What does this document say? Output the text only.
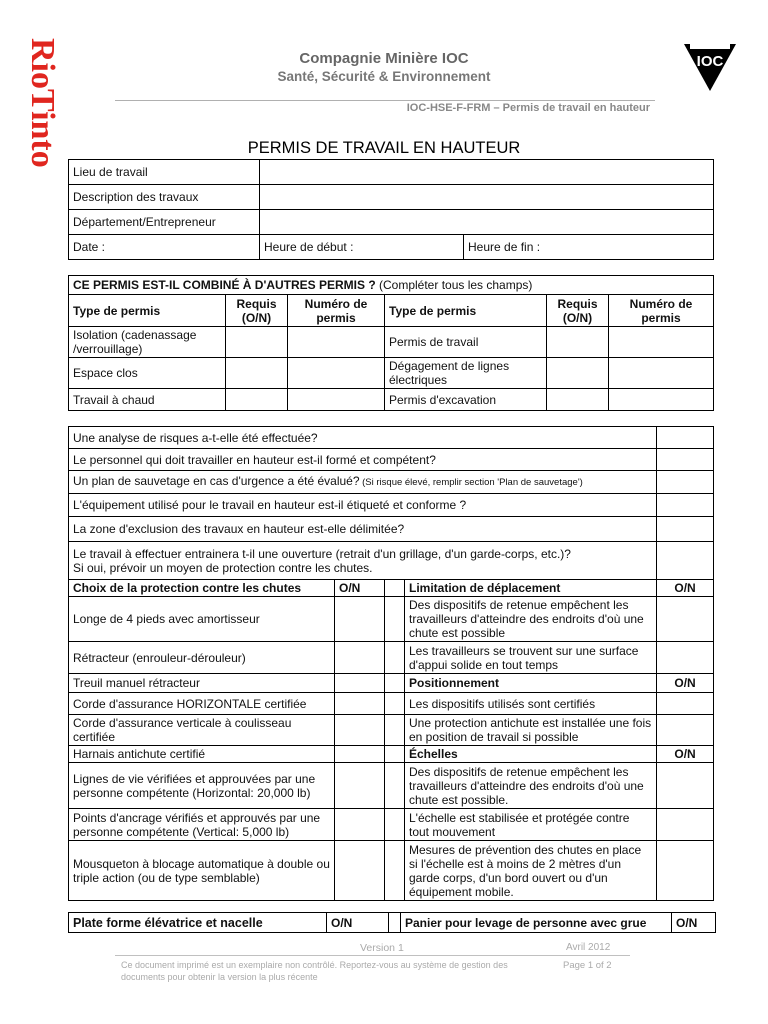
RioTinto	Compagnie Minière IOC
Santé, Sécurité & Environnement
IOC-HSE-F-FRM – Permis de travail en hauteur
IOC
PERMIS DE TRAVAIL EN HAUTEUR
Lieu de travail		
Description des travaux		
Département/Entrepreneur		
Date :	Heure de début :	Heure de fin :
CE PERMIS EST-IL COMBINÉ À D'AUTRES PERMIS ? (Compléter tous les champs)					
Type de permis	Requis (O/N)	Numéro de permis	Type de permis	Requis (O/N)	Numéro de permis
Isolation (cadenassage /verrouillage)			Permis de travail		
Espace clos			Dégagement de lignes électriques		
Travail à chaud			Permis d'excavation		
Une analyse de risques a-t-elle été effectuée?				
Le personnel qui doit travailler en hauteur est-il formé et compétent?				
Un plan de sauvetage en cas d'urgence a été évalué? (Si risque élevé, remplir section 'Plan de sauvetage')				
L'équipement utilisé pour le travail en hauteur est-il étiqueté et conforme ?				
La zone d'exclusion des travaux en hauteur est-elle délimitée?				

Le travail à effectuer entrainera t-il une ouverture (retrait d'un grillage, d'un garde-corps, etc.)?
Si oui, prévoir un moyen de protection contre les chutes.				

Choix de la protection contre les chutes	O/N		Limitation de déplacement	O/N
Longe de 4 pieds avec amortisseur			Des dispositifs de retenue empêchent les travailleurs d'atteindre des endroits d'où une chute est possible	
Rétracteur (enrouleur-dérouleur)			Les travailleurs se trouvent sur une surface d'appui solide en tout temps	
Treuil manuel rétracteur			Positionnement	O/N
Corde d'assurance HORIZONTALE certifiée			Les dispositifs utilisés sont certifiés	
Corde d'assurance verticale à coulisseau certifiée			Une protection antichute est installée une fois en position de travail si possible	
Harnais antichute certifié			Échelles	O/N
Lignes de vie vérifiées et approuvées par une personne compétente (Horizontal: 20,000 lb)			Des dispositifs de retenue empêchent les travailleurs d'atteindre des endroits d'où une chute est possible.	
Points d'ancrage vérifiés et approuvés par une personne compétente (Vertical: 5,000 lb)			L'échelle est stabilisée et protégée contre tout mouvement	
Mousqueton à blocage automatique à double ou triple action (ou de type semblable)			Mesures de prévention des chutes en place si l'échelle est à moins de 2 mètres d'un garde corps, d'un bord ouvert ou d'un équipement mobile.	
Plate forme élévatrice et nacelle	O/N		Panier pour levage de personne avec grue	O/N
Version 1	Avril 2012
Ce document imprimé est un exemplaire non contrôlé. Reportez-vous au système de gestion des documents pour obtenir la version la plus récente
Page 1 of 2
